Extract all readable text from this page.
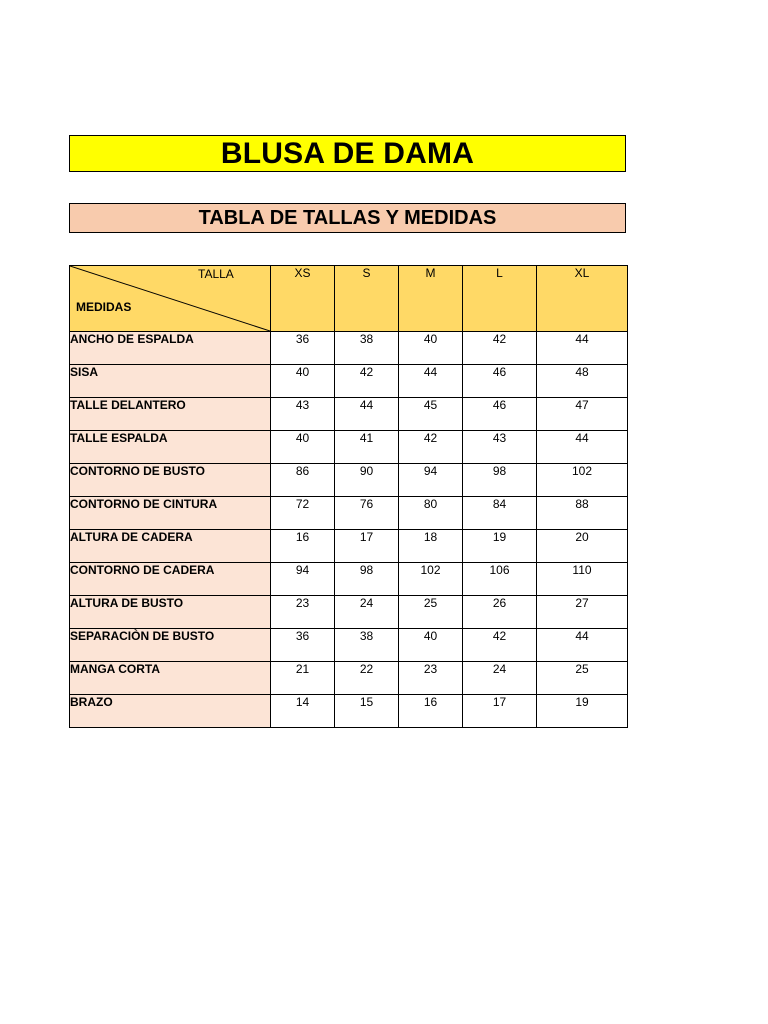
BLUSA DE DAMA
TABLA DE TALLAS Y MEDIDAS
TALLA
MEDIDAS	XS	S	M	L	XL
ANCHO DE ESPALDA	36	38	40	42	44
SISA	40	42	44	46	48
TALLE DELANTERO	43	44	45	46	47
TALLE ESPALDA	40	41	42	43	44
CONTORNO DE BUSTO	86	90	94	98	102
CONTORNO DE CINTURA	72	76	80	84	88
ALTURA DE CADERA	16	17	18	19	20
CONTORNO DE CADERA	94	98	102	106	110
ALTURA DE BUSTO	23	24	25	26	27
SEPARACIÒN DE BUSTO	36	38	40	42	44
MANGA CORTA	21	22	23	24	25
BRAZO	14	15	16	17	19
